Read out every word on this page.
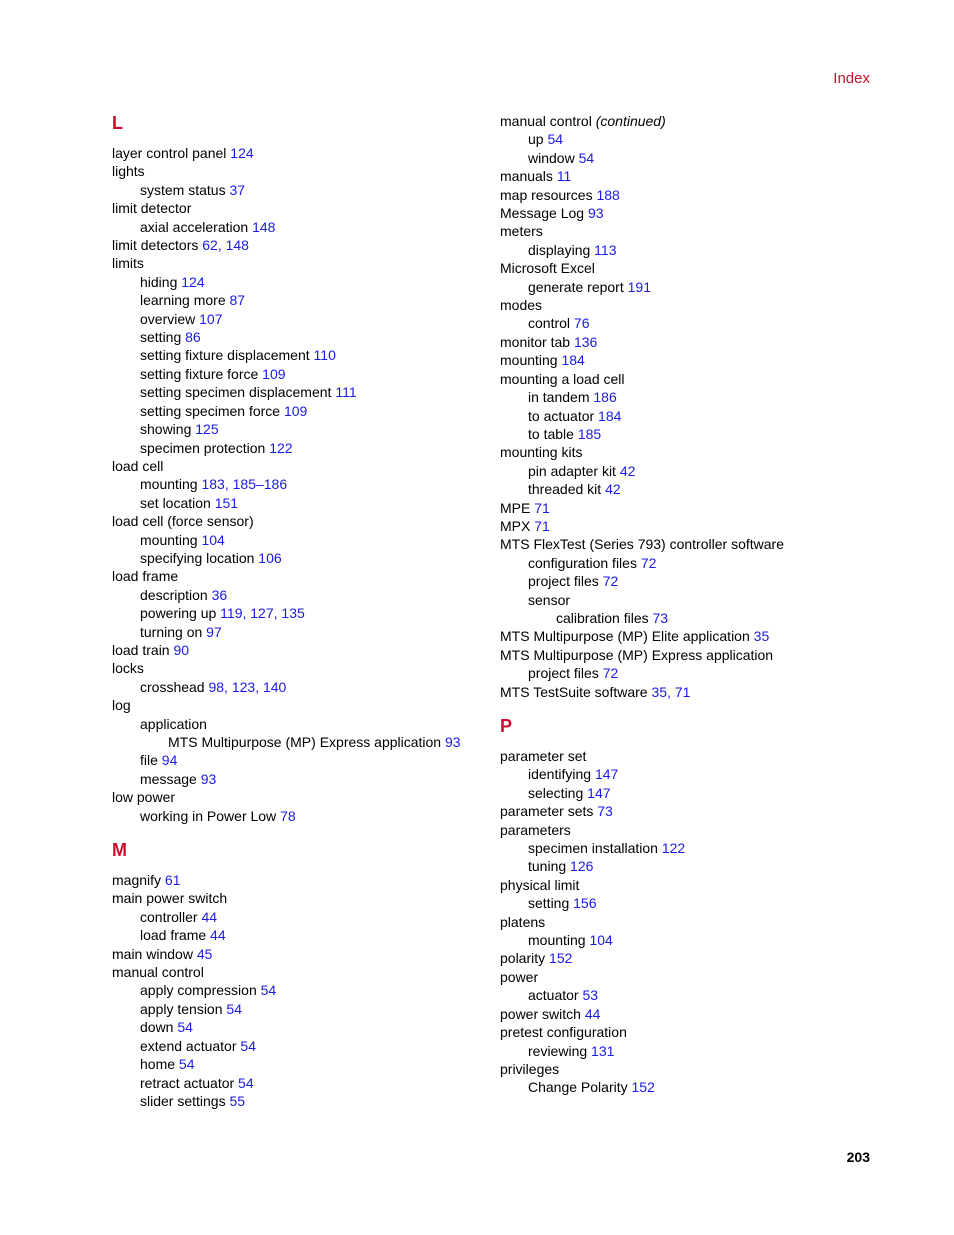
Index
L
layer control panel 124
lights
system status 37
limit detector
axial acceleration 148
limit detectors 62, 148
limits
hiding 124
learning more 87
overview 107
setting 86
setting fixture displacement 110
setting fixture force 109
setting specimen displacement 111
setting specimen force 109
showing 125
specimen protection 122
load cell
mounting 183, 185–186
set location 151
load cell (force sensor)
mounting 104
specifying location 106
load frame
description 36
powering up 119, 127, 135
turning on 97
load train 90
locks
crosshead 98, 123, 140
log
application
MTS Multipurpose (MP) Express application 93
file 94
message 93
low power
working in Power Low 78
M
magnify 61
main power switch
controller 44
load frame 44
main window 45
manual control
apply compression 54
apply tension 54
down 54
extend actuator 54
home 54
retract actuator 54
slider settings 55
manual control (continued)
up 54
window 54
manuals 11
map resources 188
Message Log 93
meters
displaying 113
Microsoft Excel
generate report 191
modes
control 76
monitor tab 136
mounting 184
mounting a load cell
in tandem 186
to actuator 184
to table 185
mounting kits
pin adapter kit 42
threaded kit 42
MPE 71
MPX 71
MTS FlexTest (Series 793) controller software
configuration files 72
project files 72
sensor
calibration files 73
MTS Multipurpose (MP) Elite application 35
MTS Multipurpose (MP) Express application
project files 72
MTS TestSuite software 35, 71
P
parameter set
identifying 147
selecting 147
parameter sets 73
parameters
specimen installation 122
tuning 126
physical limit
setting 156
platens
mounting 104
polarity 152
power
actuator 53
power switch 44
pretest configuration
reviewing 131
privileges
Change Polarity 152
203
